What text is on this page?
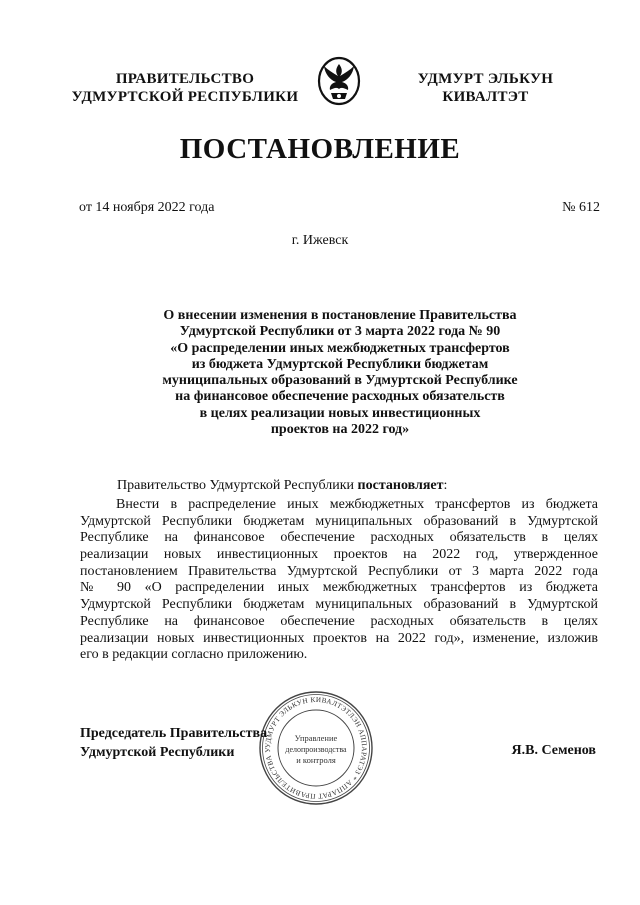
ПРАВИТЕЛЬСТВО
УДМУРТСКОЙ РЕСПУБЛИКИ
УДМУРТ ЭЛЬКУН
КИВАЛТЭТ
ПОСТАНОВЛЕНИЕ
от 14 ноября 2022 года	№ 612
г. Ижевск
О внесении изменения в постановление Правительства
Удмуртской Республики от 3 марта 2022 года № 90
«О распределении иных межбюджетных трансфертов
из бюджета Удмуртской Республики бюджетам
муниципальных образований в Удмуртской Республике
на финансовое обеспечение расходных обязательств
в целях реализации новых инвестиционных
проектов на 2022 год»
Правительство Удмуртской Республики постановляет:
Внести в распределение иных межбюджетных трансфертов из бюджета
Удмуртской Республики бюджетам муниципальных образований в Удмуртской
Республике на финансовое обеспечение расходных обязательств в целях
реализации новых инвестиционных проектов на 2022 год, утвержденное
постановлением Правительства Удмуртской Республики от 3 марта 2022 года
№ 90 «О распределении иных межбюджетных трансфертов из бюджета
Удмуртской Республики бюджетам муниципальных образований в Удмуртской
Республике на финансовое обеспечение расходных обязательств в целях
реализации новых инвестиционных проектов на 2022 год», изменение, изложив
его в редакции согласно приложению.
УДМУРТ ЭЛЬКУН КИВАЛТЭТЛЭН АППАРАТЭЗ * АППАРАТ ПРАВИТЕЛЬСТВА У
Управление
делопроизводства
и контроля
Председатель Правительства
Удмуртской Республики	Я.В. Семенов
